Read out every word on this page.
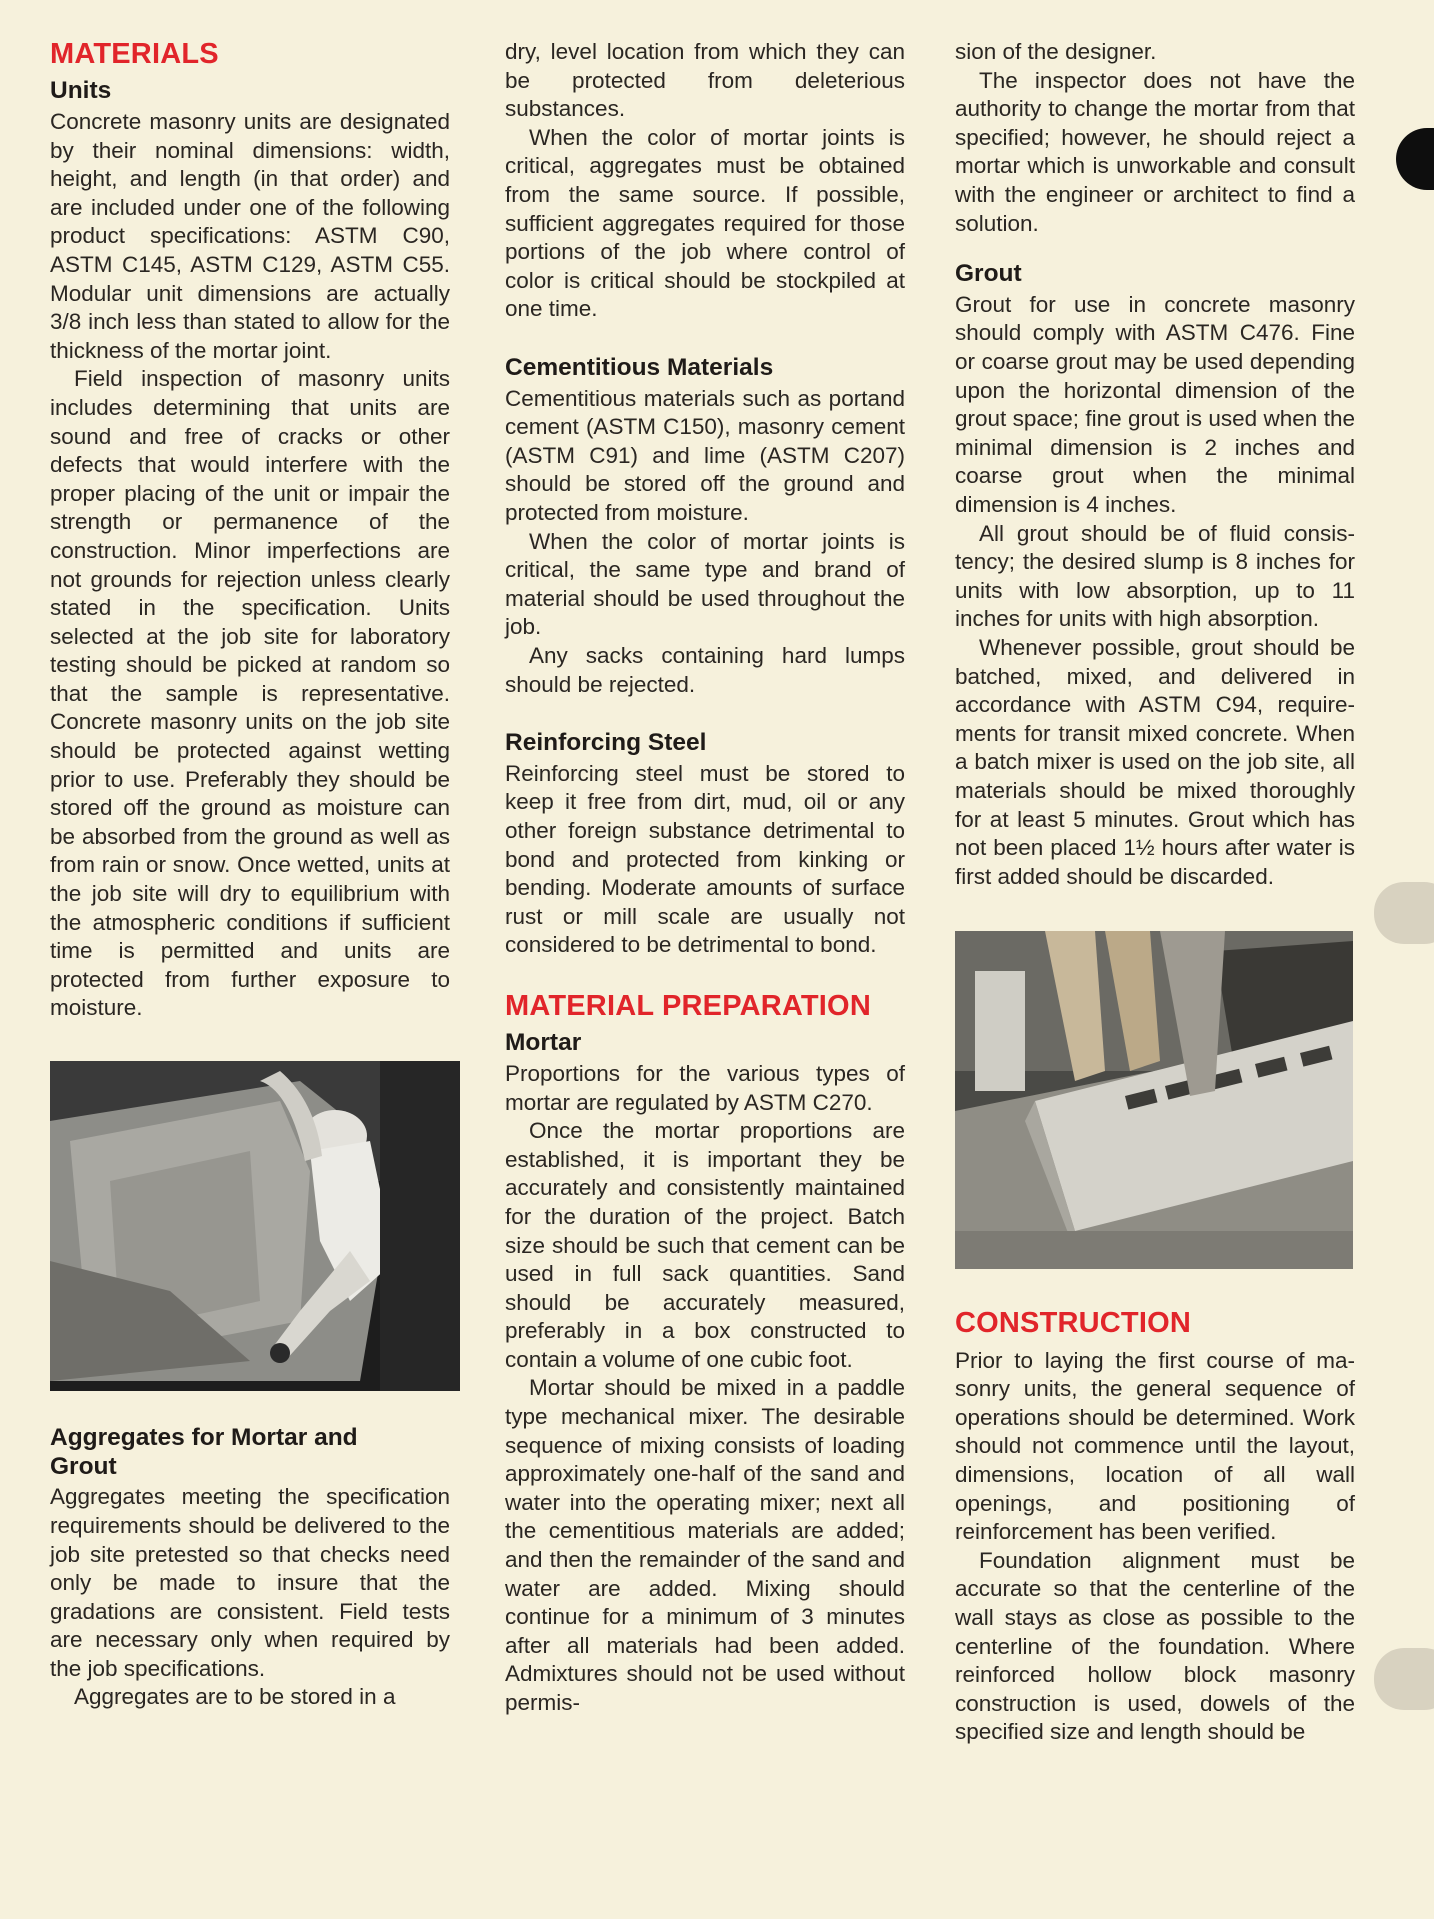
MATERIALS
Units

Concrete masonry units are designated by their nominal dimensions: width, height, and length (in that order) and are included under one of the following product specifications: ASTM C90, ASTM C145, ASTM C129, ASTM C55. Modular unit dimensions are actually 3/8 inch less than stated to allow for the thickness of the mortar joint.

Field inspection of masonry units includes determining that units are sound and free of cracks or other defects that would interfere with the proper placing of the unit or impair the strength or permanence of the construction. Minor imperfections are not grounds for rejection unless clearly stated in the specification. Units selected at the job site for laboratory testing should be picked at random so that the sample is representative. Concrete masonry units on the job site should be protected against wetting prior to use. Preferably they should be stored off the ground as moisture can be absorbed from the ground as well as from rain or snow. Once wetted, units at the job site will dry to equilibrium with the atmospheric conditions if sufficient time is permitted and units are protected from further exposure to moisture.

Aggregates for Mortar and
Grout

Aggregates meeting the specification requirements should be delivered to the job site pretested so that checks need only be made to insure that the gradations are consistent. Field tests are necessary only when required by the job specifications.

Aggregates are to be stored in a

dry, level location from which they can be protected from deleterious substances.

When the color of mortar joints is critical, aggregates must be obtained from the same source. If possible, sufficient aggregates required for those portions of the job where control of color is critical should be stockpiled at one time.

Cementitious Materials

Cementitious materials such as portand cement (ASTM C150), masonry cement (ASTM C91) and lime (ASTM C207) should be stored off the ground and protected from moisture.

When the color of mortar joints is critical, the same type and brand of material should be used throughout the job.

Any sacks containing hard lumps should be rejected.

Reinforcing Steel

Reinforcing steel must be stored to keep it free from dirt, mud, oil or any other foreign substance detrimental to bond and protected from kinking or bending. Moderate amounts of surface rust or mill scale are usually not considered to be detrimental to bond.

MATERIAL PREPARATION
Mortar

Proportions for the various types of mortar are regulated by ASTM C270.

Once the mortar proportions are established, it is important they be accurately and consistently maintained for the duration of the project. Batch size should be such that cement can be used in full sack quantities. Sand should be accurately measured, preferably in a box constructed to contain a volume of one cubic foot.

Mortar should be mixed in a paddle type mechanical mixer. The desirable sequence of mixing consists of loading approximately one-half of the sand and water into the operating mixer; next all the cementitious materials are added; and then the remainder of the sand and water are added. Mixing should continue for a minimum of 3 minutes after all materials had been added. Admixtures should not be used without permis-

sion of the designer.

The inspector does not have the authority to change the mortar from that specified; however, he should reject a mortar which is unworkable and consult with the engineer or architect to find a solution.

Grout

Grout for use in concrete masonry should comply with ASTM C476. Fine or coarse grout may be used depending upon the horizontal dimension of the grout space; fine grout is used when the minimal dimension is 2 inches and coarse grout when the minimal dimension is 4 inches.

All grout should be of fluid consistency; the desired slump is 8 inches for units with low absorption, up to 11 inches for units with high absorption.

Whenever possible, grout should be batched, mixed, and delivered in accordance with ASTM C94, requirements for transit mixed concrete. When a batch mixer is used on the job site, all materials should be mixed thoroughly for at least 5 minutes. Grout which has not been placed 1½ hours after water is first added should be discarded.

CONSTRUCTION

Prior to laying the first course of masonry units, the general sequence of operations should be determined. Work should not commence until the layout, dimensions, location of all wall openings, and positioning of reinforcement has been verified.

Foundation alignment must be accurate so that the centerline of the wall stays as close as possible to the centerline of the foundation. Where reinforced hollow block masonry construction is used, dowels of the specified size and length should be
